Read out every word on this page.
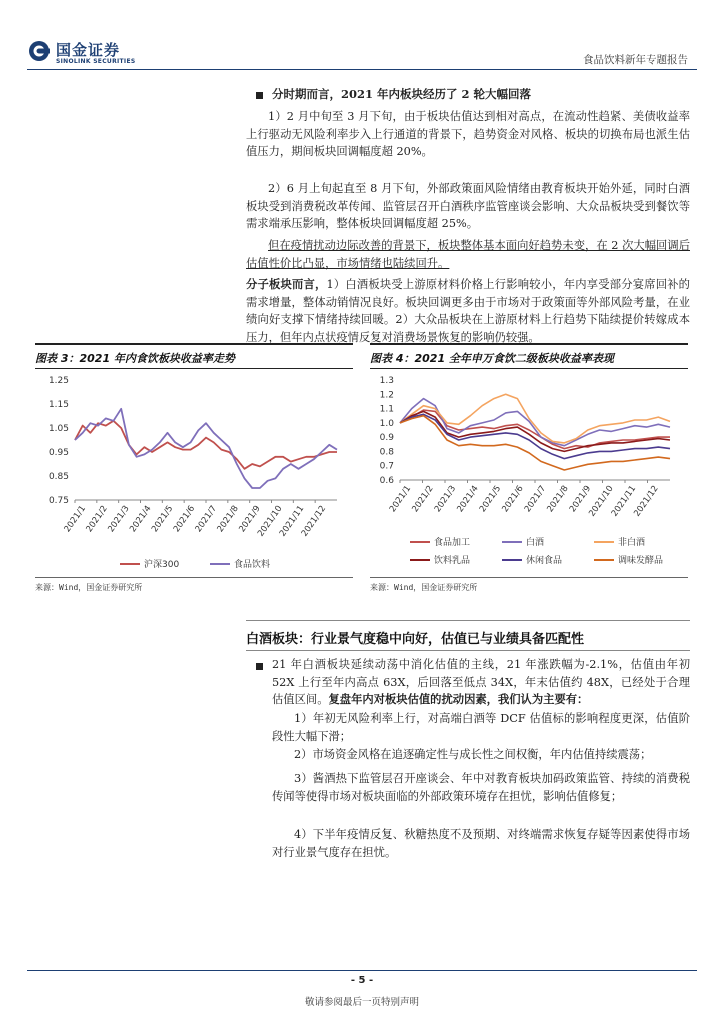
国金证券
SINOLINK SECURITIES	食品饮料新年专题报告
分时期而言，2021 年内板块经历了 2 轮大幅回落
1）2 月中旬至 3 月下旬，由于板块估值达到相对高点，在流动性趋紧、美债收益率上行驱动无风险利率步入上行通道的背景下，趋势资金对风格、板块的切换布局也派生估值压力，期间板块回调幅度超 20%。
2）6 月上旬起直至 8 月下旬，外部政策面风险情绪由教育板块开始外延，同时白酒板块受到消费税改革传闻、监管层召开白酒秩序监管座谈会影响、大众品板块受到餐饮等需求端承压影响，整体板块回调幅度超 25%。
但在疫情扰动边际改善的背景下，板块整体基本面向好趋势未变，在 2 次大幅回调后估值性价比凸显，市场情绪也陆续回升。
分子板块而言，1）白酒板块受上游原材料价格上行影响较小，年内享受部分宴席回补的需求增量，整体动销情况良好。板块回调更多由于市场对于政策面等外部风险考量，在业绩向好支撑下情绪持续回暖。2）大众品板块在上游原材料上行趋势下陆续提价转嫁成本压力，但年内点状疫情反复对消费场景恢复的影响仍较强。
图表 3：2021 年内食饮板块收益率走势
1.25
1.15
1.05
0.95
0.85
0.75
2021/1
2021/2
2021/3
2021/4
2021/5
2021/6
2021/7
2021/8
2021/9
2021/10
2021/11
2021/12
沪深300	食品饮料
来源：Wind，国金证券研究所
图表 4：2021 全年申万食饮二级板块收益率表现
1.3
1.2
1.1
1.0
0.9
0.8
0.7
0.6
2021/1
2021/2
2021/3
2021/4
2021/5
2021/6
2021/7
2021/8
2021/9
2021/10
2021/11
2021/12
食品加工	白酒	非白酒
饮料乳品	休闲食品	调味发酵品
来源：Wind，国金证券研究所
白酒板块：行业景气度稳中向好，估值已与业绩具备匹配性
21 年白酒板块延续动荡中消化估值的主线，21 年涨跌幅为-2.1%，估值由年初 52X 上行至年内高点 63X，后回落至低点 34X，年末估值约 48X，已经处于合理估值区间。复盘年内对板块估值的扰动因素，我们认为主要有：
1）年初无风险利率上行，对高端白酒等 DCF 估值标的影响程度更深，估值阶段性大幅下滑；
2）市场资金风格在追逐确定性与成长性之间权衡，年内估值持续震荡；
3）酱酒热下监管层召开座谈会、年中对教育板块加码政策监管、持续的消费税传闻等使得市场对板块面临的外部政策环境存在担忧，影响估值修复；
4）下半年疫情反复、秋糖热度不及预期、对终端需求恢复存疑等因素使得市场对行业景气度存在担忧。
- 5 -
敬请参阅最后一页特别声明
